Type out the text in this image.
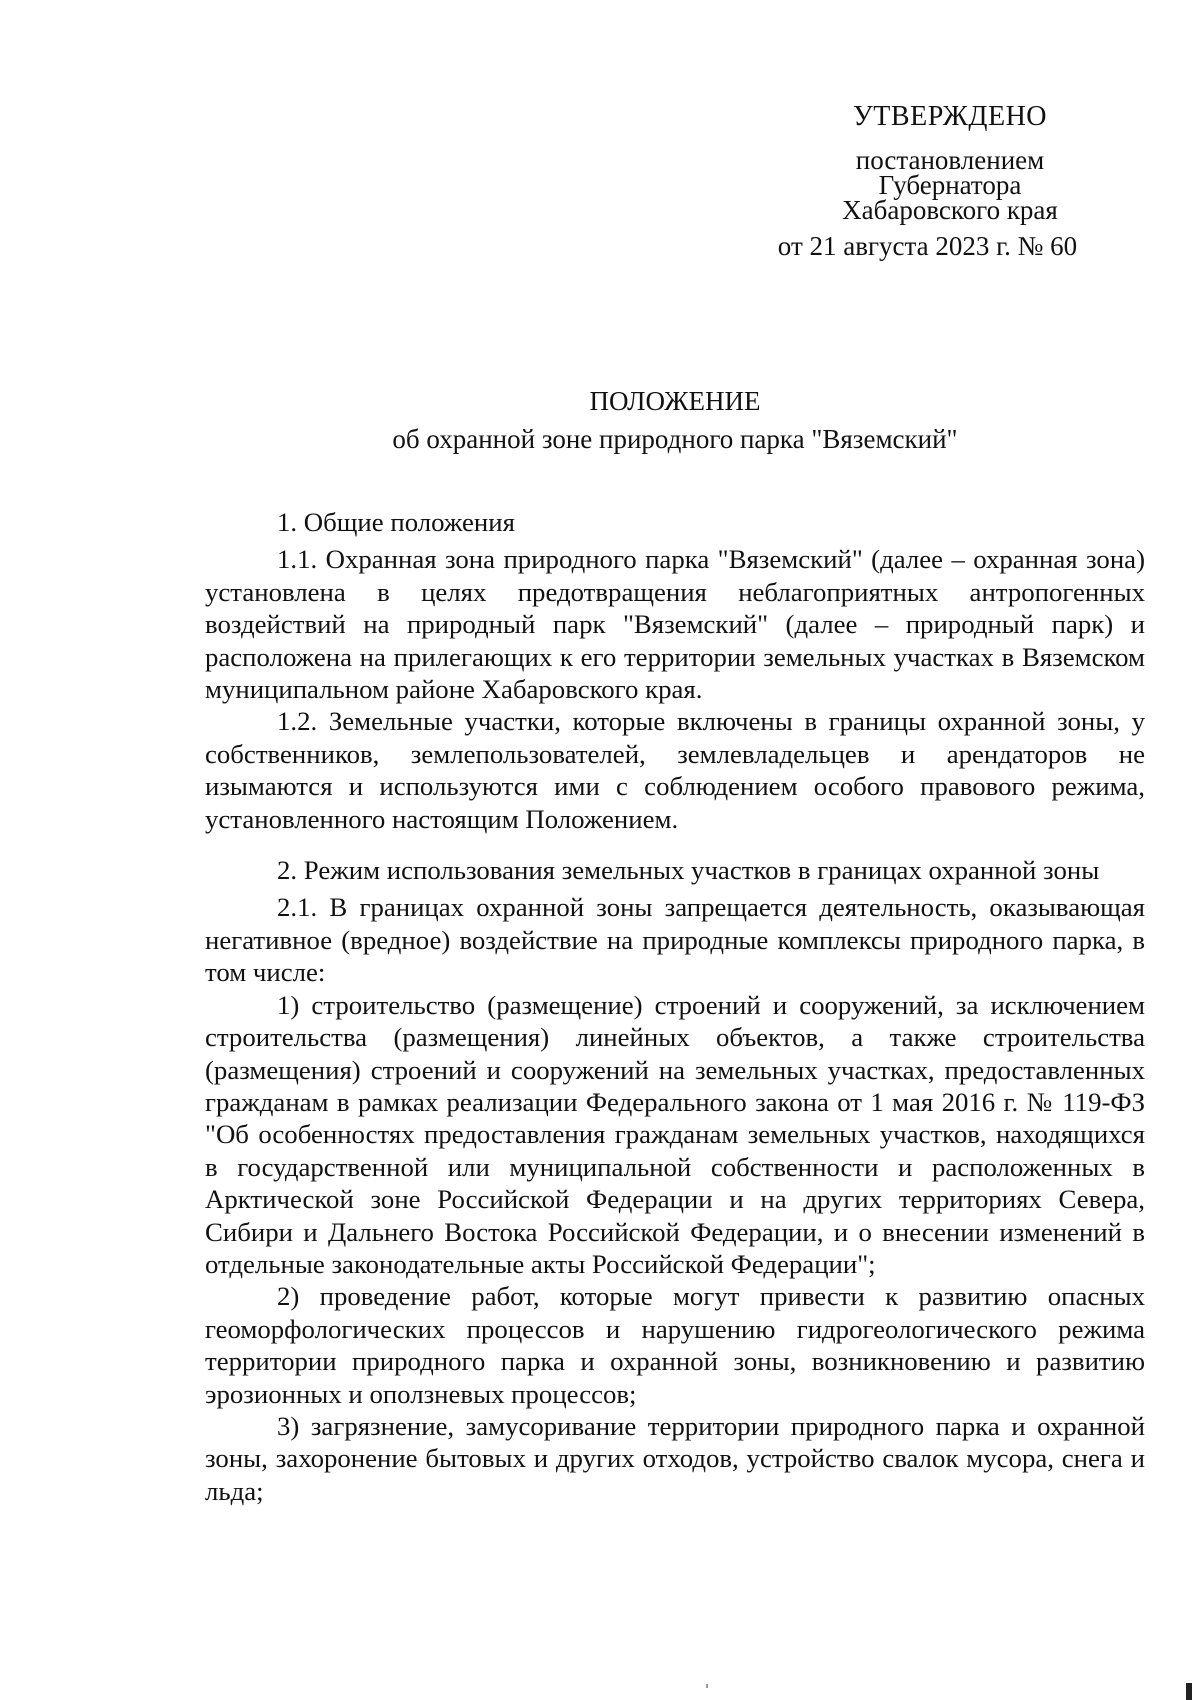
УТВЕРЖДЕНО
постановлением
Губернатора
Хабаровского края
от 21 августа 2023 г. № 60
ПОЛОЖЕНИЕ
об охранной зоне природного парка "Вяземский"

1. Общие положения

1.1. Охранная зона природного парка "Вяземский" (далее – охранная зона) установлена в целях предотвращения неблагоприятных антропогенных воздействий на природный парк "Вяземский" (далее – природный парк) и расположена на прилегающих к его территории земельных участках в Вяземском муниципальном районе Хабаровского края.

1.2. Земельные участки, которые включены в границы охранной зоны, у собственников, землепользователей, землевладельцев и арендаторов не изымаются и используются ими с соблюдением особого правового режима, установленного настоящим Положением.

2. Режим использования земельных участков в границах охранной зоны

2.1. В границах охранной зоны запрещается деятельность, оказывающая негативное (вредное) воздействие на природные комплексы природного парка, в том числе:

1) строительство (размещение) строений и сооружений, за исключением строительства (размещения) линейных объектов, а также строительства (размещения) строений и сооружений на земельных участках, предоставленных гражданам в рамках реализации Федерального закона от 1 мая 2016 г. № 119-ФЗ "Об особенностях предоставления гражданам земельных участков, находящихся в государственной или муниципальной собственности и расположенных в Арктической зоне Российской Федерации и на других территориях Севера, Сибири и Дальнего Востока Российской Федерации, и о внесении изменений в отдельные законодательные акты Российской Федерации";

2) проведение работ, которые могут привести к развитию опасных геоморфологических процессов и нарушению гидрогеологического режима территории природного парка и охранной зоны, возникновению и развитию эрозионных и оползневых процессов;

3) загрязнение, замусоривание территории природного парка и охранной зоны, захоронение бытовых и других отходов, устройство свалок мусора, снега и льда;
